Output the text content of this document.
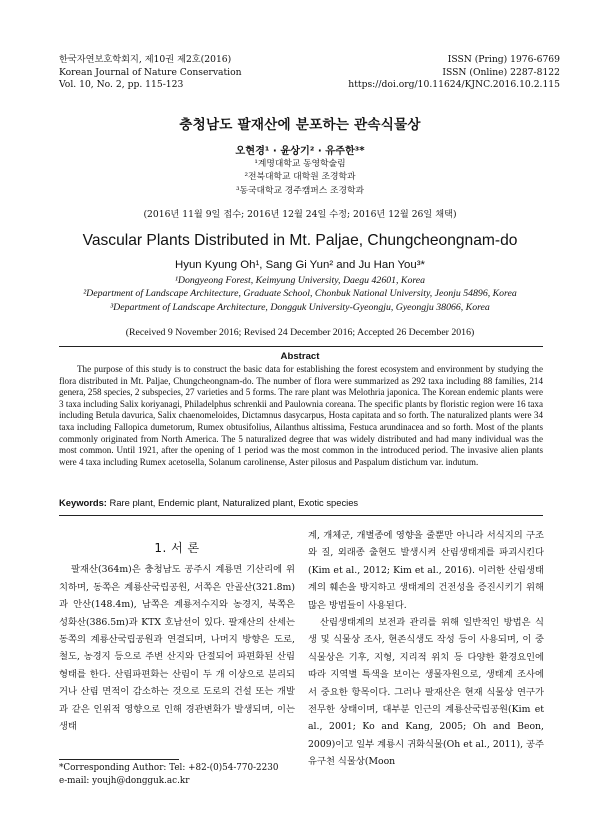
한국자연보호학회지, 제10권 제2호(2016)
Korean Journal of Nature Conservation
Vol. 10, No. 2, pp. 115-123
ISSN (Pring) 1976-6769
ISSN (Online) 2287-8122
https://doi.org/10.11624/KJNC.2016.10.2.115
충청남도 팔재산에 분포하는 관속식물상
오현경¹ · 윤상기² · 유주한³*
¹계명대학교 동영학술림
²전북대학교 대학원 조경학과
³동국대학교 경주캠퍼스 조경학과
(2016년 11월 9일 접수; 2016년 12월 24일 수정; 2016년 12월 26일 채택)
Vascular Plants Distributed in Mt. Paljae, Chungcheongnam-do
Hyun Kyung Oh¹, Sang Gi Yun² and Ju Han You³*
¹Dongyeong Forest, Keimyung University, Daegu 42601, Korea
²Department of Landscape Architecture, Graduate School, Chonbuk National University, Jeonju 54896, Korea
³Department of Landscape Architecture, Dongguk University-Gyeongju, Gyeongju 38066, Korea
(Received 9 November 2016; Revised 24 December 2016; Accepted 26 December 2016)
Abstract
The purpose of this study is to construct the basic data for establishing the forest ecosystem and environment by studying the flora distributed in Mt. Paljae, Chungcheongnam-do. The number of flora were summarized as 292 taxa including 88 families, 214 genera, 258 species, 2 subspecies, 27 varieties and 5 forms. The rare plant was Melothria japonica. The Korean endemic plants were 3 taxa including Salix koriyanagi, Philadelphus schrenkii and Paulownia coreana. The specific plants by floristic region were 16 taxa including Betula davurica, Salix chaenomeloides, Dictamnus dasycarpus, Hosta capitata and so forth. The naturalized plants were 34 taxa including Fallopica dumetorum, Rumex obtusifolius, Ailanthus altissima, Festuca arundinacea and so forth. Most of the plants commonly originated from North America. The 5 naturalized degree that was widely distributed and had many individual was the most common. Until 1921, after the opening of 1 period was the most common in the introduced period. The invasive alien plants were 4 taxa including Rumex acetosella, Solanum carolinense, Aster pilosus and Paspalum distichum var. indutum.
Keywords: Rare plant, Endemic plant, Naturalized plant, Exotic species
1. 서 론

팔재산(364m)은 충청남도 공주시 계룡면 기산리에 위치하며, 동쪽은 계룡산국립공원, 서쪽은 안골산(321.8m)과 안산(148.4m), 남쪽은 계룡저수지와 농경지, 북쪽은 성화산(386.5m)과 KTX 호남선이 있다. 팔재산의 산세는 동쪽의 계룡산국립공원과 연결되며, 나머지 방향은 도로, 철도, 농경지 등으로 주변 산지와 단절되어 파편화된 산림 형태를 한다. 산림파편화는 산림이 두 개 이상으로 분리되거나 산림 면적이 감소하는 것으로 도로의 건설 또는 개발과 같은 인위적 영향으로 인해 경관변화가 발생되며, 이는 생태

계, 개체군, 개별종에 영향을 줄뿐만 아니라 서식지의 구조와 질, 외래종 출현도 발생시켜 산림생태계를 파괴시킨다(Kim et al., 2012; Kim et al., 2016). 이러한 산림생태계의 훼손을 방지하고 생태계의 건전성을 증진시키기 위해 많은 방법들이 사용된다.

산림생태계의 보전과 관리를 위해 일반적인 방법은 식생 및 식물상 조사, 현존식생도 작성 등이 사용되며, 이 중 식물상은 기후, 지형, 지리적 위치 등 다양한 환경요인에 따라 지역별 특색을 보이는 생물자원으로, 생태계 조사에서 중요한 항목이다. 그러나 팔재산은 현재 식물상 연구가 전무한 상태이며, 대부분 인근의 계룡산국립공원(Kim et al., 2001; Ko and Kang, 2005; Oh and Beon, 2009)이고 일부 계룡시 귀화식물(Oh et al., 2011), 공주 유구천 식물상(Moon

*Corresponding Author: Tel: +82-(0)54-770-2230
e-mail: youjh@dongguk.ac.kr
